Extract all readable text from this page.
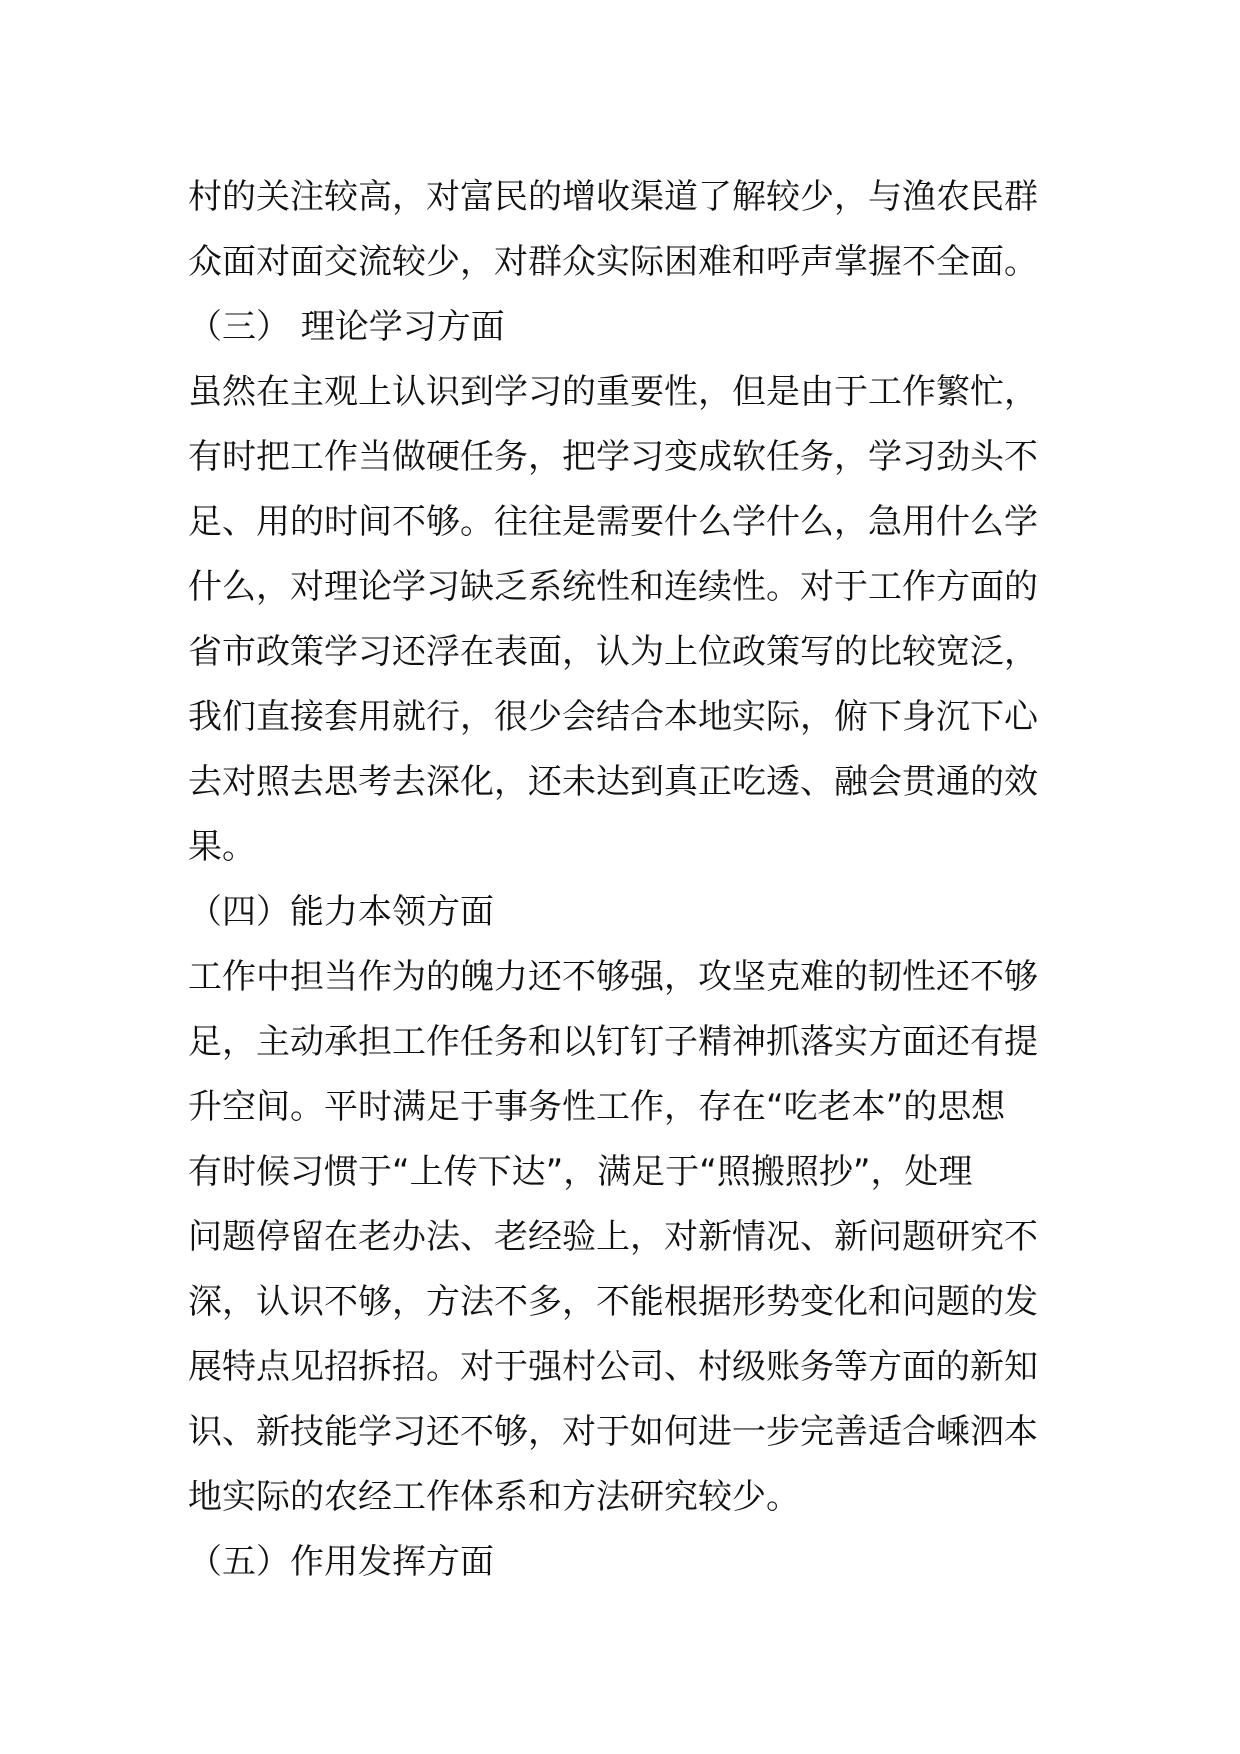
村的关注较高，对富民的增收渠道了解较少，与渔农民群
众面对面交流较少，对群众实际困难和呼声掌握不全面。
（三） 理论学习方面
虽然在主观上认识到学习的重要性，但是由于工作繁忙，
有时把工作当做硬任务，把学习变成软任务，学习劲头不
足、用的时间不够。往往是需要什么学什么，急用什么学
什么，对理论学习缺乏系统性和连续性。对于工作方面的
省市政策学习还浮在表面，认为上位政策写的比较宽泛，
我们直接套用就行，很少会结合本地实际，俯下身沉下心
去对照去思考去深化，还未达到真正吃透、融会贯通的效
果。
（四）能力本领方面
工作中担当作为的魄力还不够强，攻坚克难的韧性还不够
足，主动承担工作任务和以钉钉子精神抓落实方面还有提
升空间。平时满足于事务性工作，存在“吃老本”的思想
有时候习惯于“上传下达”，满足于“照搬照抄”，处理
问题停留在老办法、老经验上，对新情况、新问题研究不
深，认识不够，方法不多，不能根据形势变化和问题的发
展特点见招拆招。对于强村公司、村级账务等方面的新知
识、新技能学习还不够，对于如何进一步完善适合嵊泗本
地实际的农经工作体系和方法研究较少。
（五）作用发挥方面
